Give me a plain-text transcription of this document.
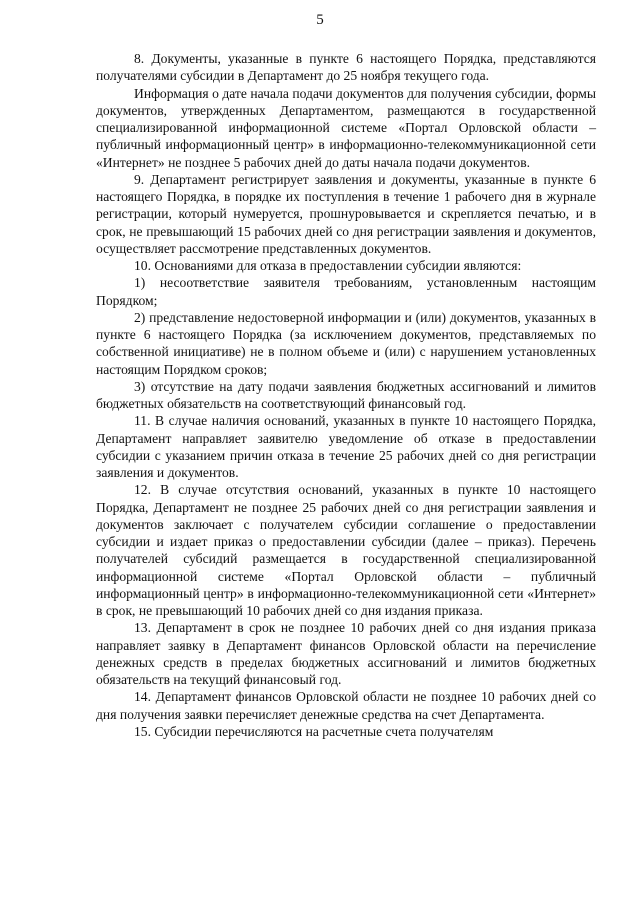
5

8. Документы, указанные в пункте 6 настоящего Порядка, представляются получателями субсидии в Департамент до 25 ноября текущего года.

Информация о дате начала подачи документов для получения субсидии, формы документов, утвержденных Департаментом, размещаются в государственной специализированной информационной системе «Портал Орловской области – публичный информационный центр» в информационно-телекоммуникационной сети «Интернет» не позднее 5 рабочих дней до даты начала подачи документов.

9. Департамент регистрирует заявления и документы, указанные в пункте 6 настоящего Порядка, в порядке их поступления в течение 1 рабочего дня в журнале регистрации, который нумеруется, прошнуровывается и скрепляется печатью, и в срок, не превышающий 15 рабочих дней со дня регистрации заявления и документов, осуществляет рассмотрение представленных документов.

10. Основаниями для отказа в предоставлении субсидии являются:

1) несоответствие заявителя требованиям, установленным настоящим Порядком;

2) представление недостоверной информации и (или) документов, указанных в пункте 6 настоящего Порядка (за исключением документов, представляемых по собственной инициативе) не в полном объеме и (или) с нарушением установленных настоящим Порядком сроков;

3) отсутствие на дату подачи заявления бюджетных ассигнований и лимитов бюджетных обязательств на соответствующий финансовый год.

11. В случае наличия оснований, указанных в пункте 10 настоящего Порядка, Департамент направляет заявителю уведомление об отказе в предоставлении субсидии с указанием причин отказа в течение 25 рабочих дней со дня регистрации заявления и документов.

12. В случае отсутствия оснований, указанных в пункте 10 настоящего Порядка, Департамент не позднее 25 рабочих дней со дня регистрации заявления и документов заключает с получателем субсидии соглашение о предоставлении субсидии и издает приказ о предоставлении субсидии (далее – приказ). Перечень получателей субсидий размещается в государственной специализированной информационной системе «Портал Орловской области – публичный информационный центр» в информационно-телекоммуникационной сети «Интернет» в срок, не превышающий 10 рабочих дней со дня издания приказа.

13. Департамент в срок не позднее 10 рабочих дней со дня издания приказа направляет заявку в Департамент финансов Орловской области на перечисление денежных средств в пределах бюджетных ассигнований и лимитов бюджетных обязательств на текущий финансовый год.

14. Департамент финансов Орловской области не позднее 10 рабочих дней со дня получения заявки перечисляет денежные средства на счет Департамента.

15. Субсидии перечисляются на расчетные счета получателям
